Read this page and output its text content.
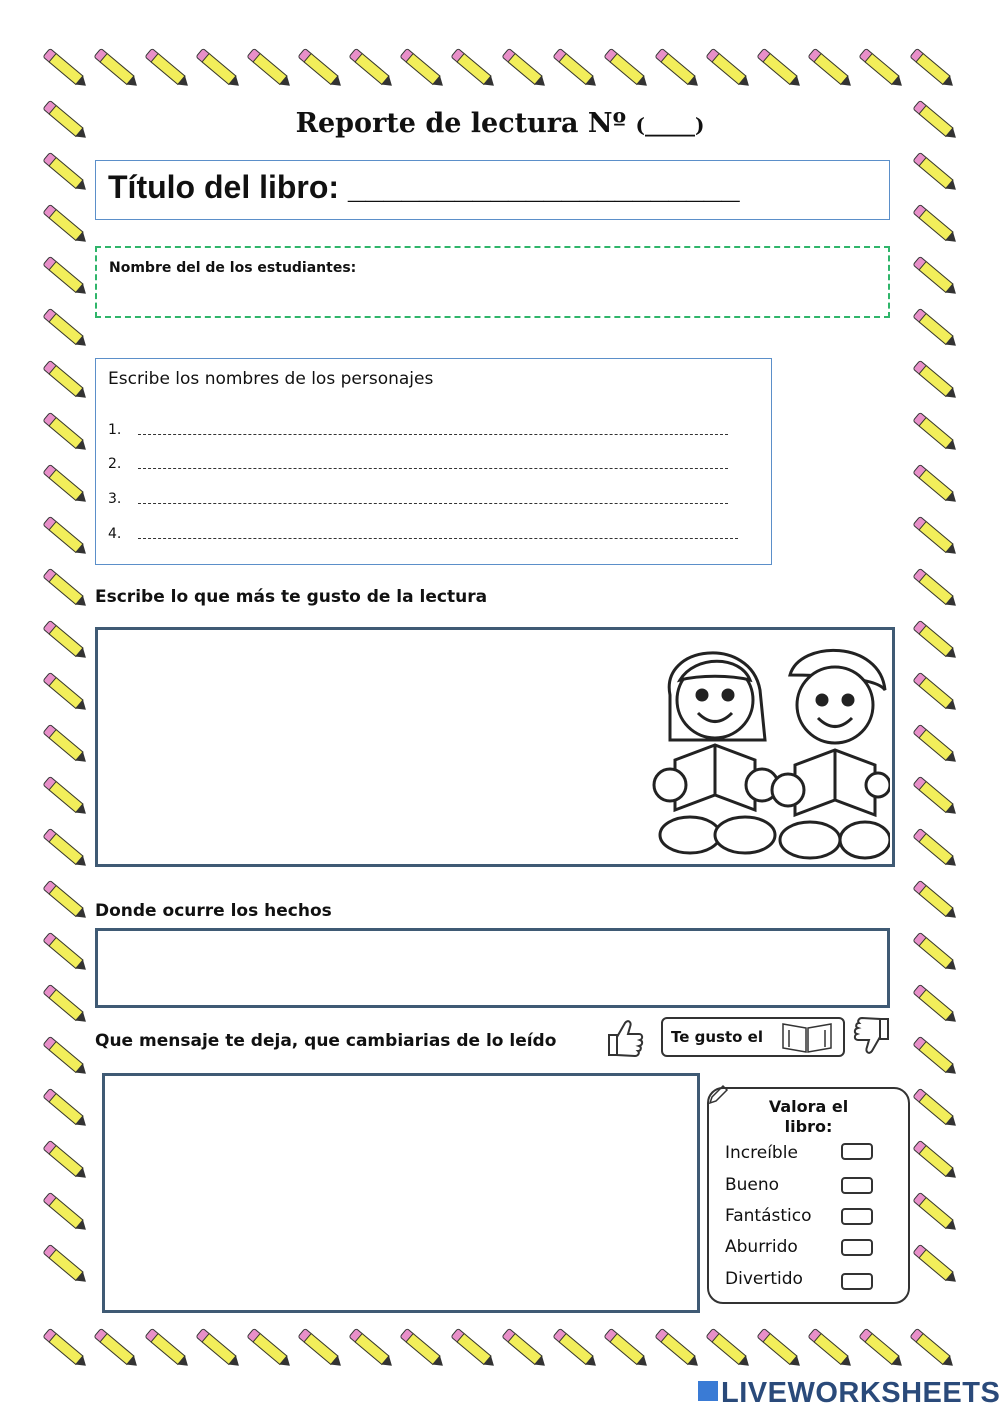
Reporte de lectura Nº (_____)
Título del libro: ______________________
Nombre del de los estudiantes:
Escribe los nombres de los personajes
1.
2.
3.
4.
Escribe lo que más te gusto de la lectura
Donde ocurre los hechos
Que mensaje te deja, que cambiarias de lo leído	Te gusto el
Valora el
libro:
Increíble
Bueno
Fantástico
Aburrido
Divertido
LIVEWORKSHEETS
